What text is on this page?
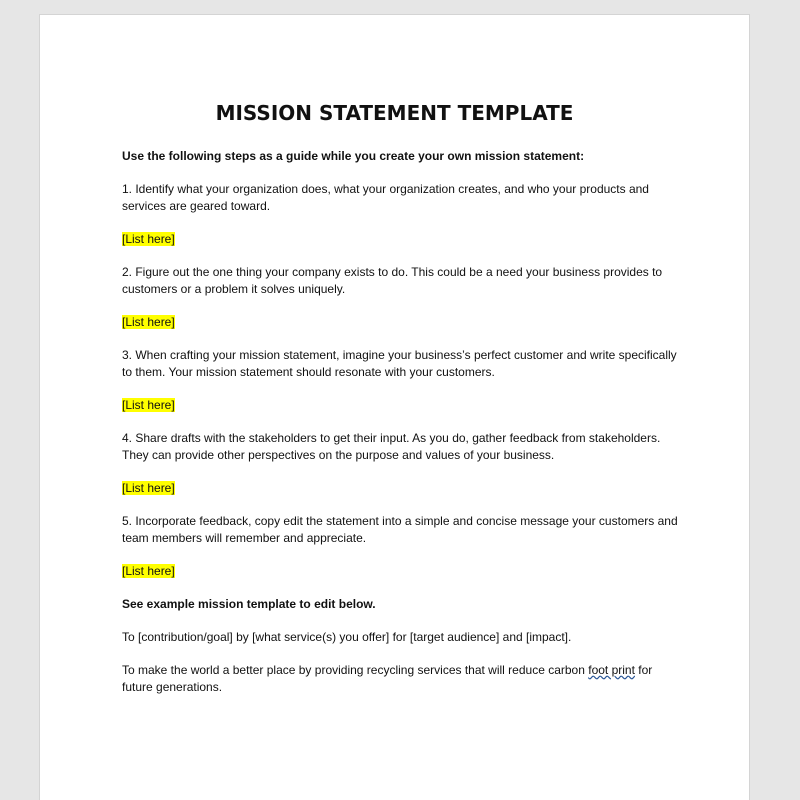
MISSION STATEMENT TEMPLATE

Use the following steps as a guide while you create your own mission statement:

1. Identify what your organization does, what your organization creates, and who your products and services are geared toward.

[List here]

2. Figure out the one thing your company exists to do. This could be a need your business provides to customers or a problem it solves uniquely.

[List here]

3. When crafting your mission statement, imagine your business’s perfect customer and write specifically to them. Your mission statement should resonate with your customers.

[List here]

4. Share drafts with the stakeholders to get their input. As you do, gather feedback from stakeholders. They can provide other perspectives on the purpose and values of your business.

[List here]

5. Incorporate feedback, copy edit the statement into a simple and concise message your customers and team members will remember and appreciate.

[List here]

See example mission template to edit below.

To [contribution/goal] by [what service(s) you offer] for [target audience] and [impact].

To make the world a better place by providing recycling services that will reduce carbon foot print for future generations.
